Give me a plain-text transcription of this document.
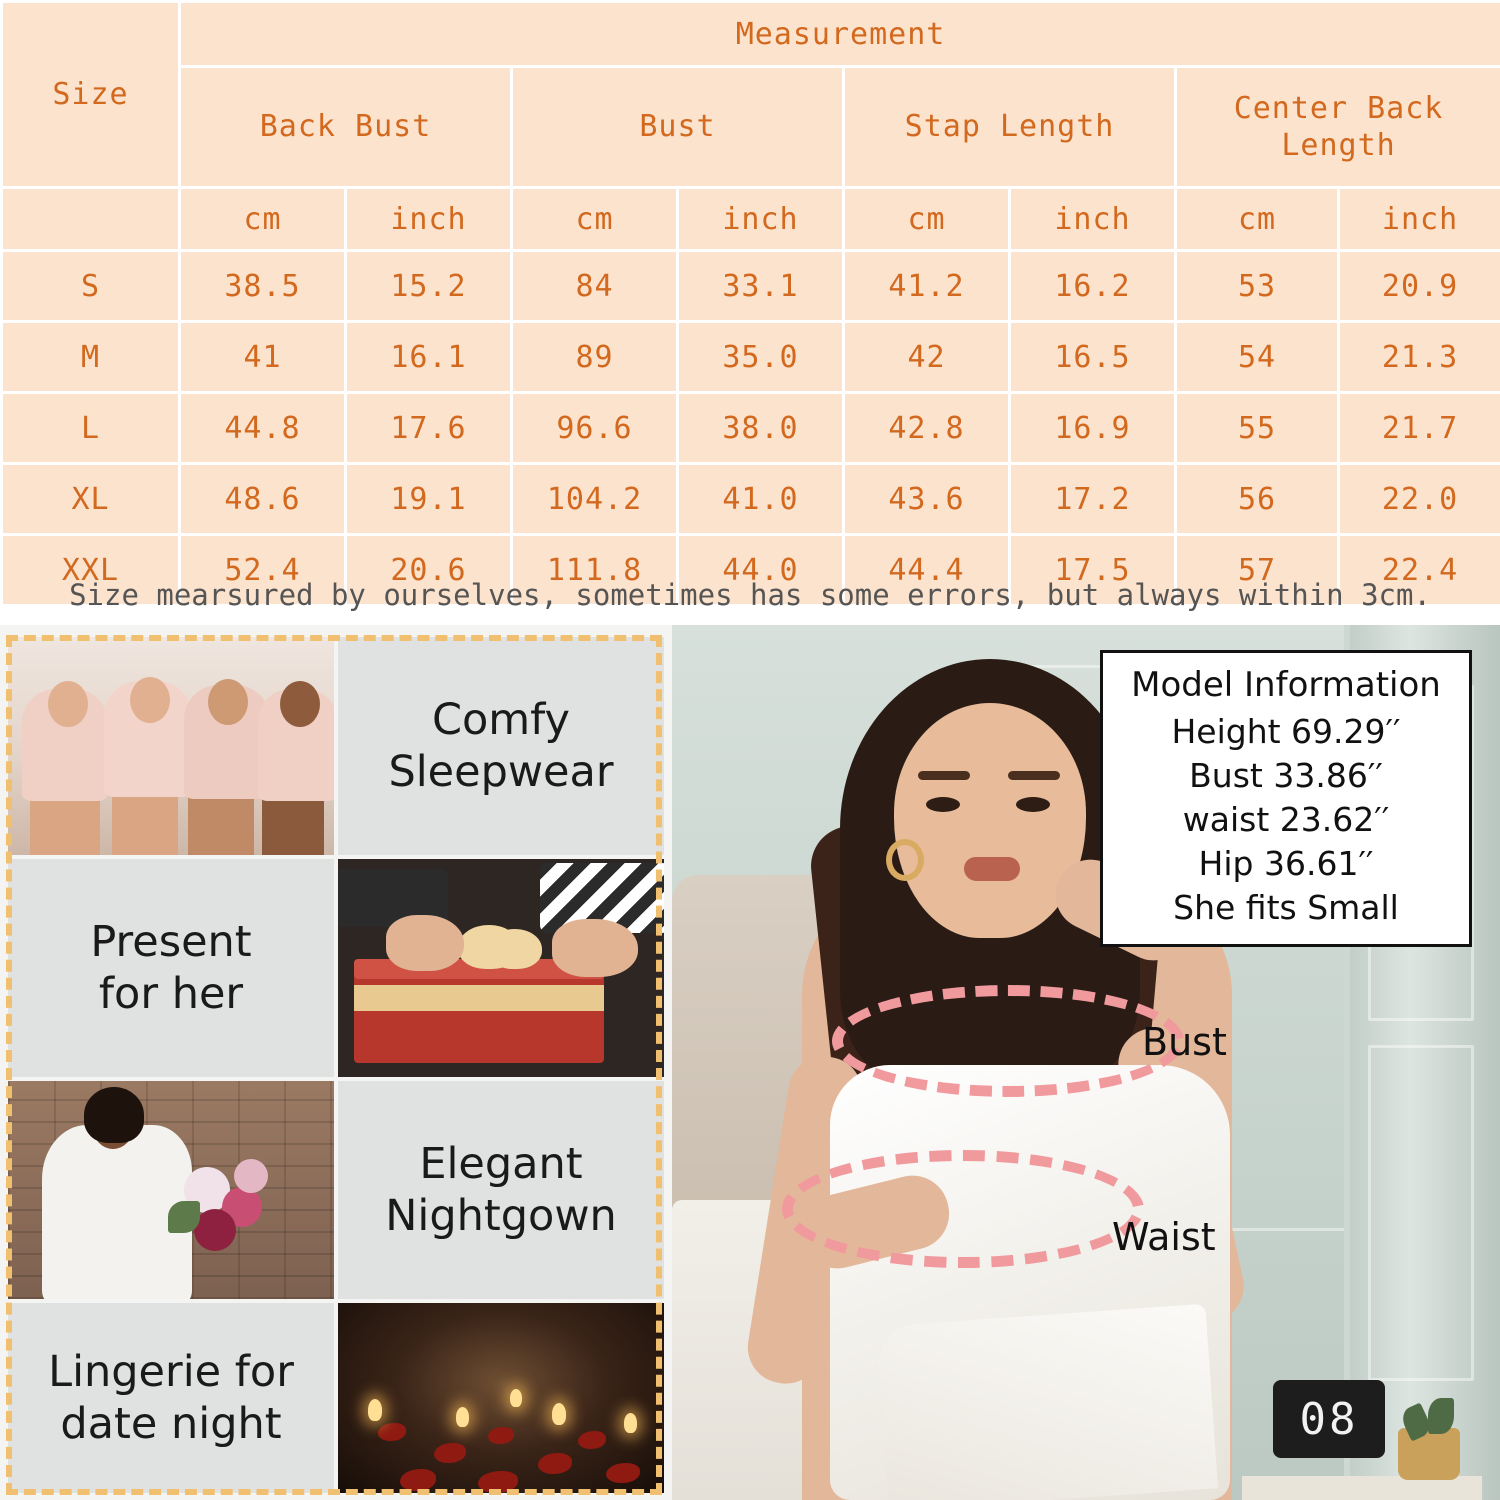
Size	Measurement							
	Back Bust		Bust		Stap Length		Center Back Length	
	cm	inch	cm	inch	cm	inch	cm	inch
S	38.5	15.2	84	33.1	41.2	16.2	53	20.9
M	41	16.1	89	35.0	42	16.5	54	21.3
L	44.8	17.6	96.6	38.0	42.8	16.9	55	21.7
XL	48.6	19.1	104.2	41.0	43.6	17.2	56	22.0
XXL	52.4	20.6	111.8	44.0	44.4	17.5	57	22.4
Size mearsured by ourselves, sometimes has some errors, but always within 3cm.
Comfy
Sleepwear
Present
for her
Elegant
Nightgown
Lingerie for
date night
Bust
Waist
Model Information
Height 69.29′′
Bust 33.86′′
waist 23.62′′
Hip 36.61′′
She fits Small
08
